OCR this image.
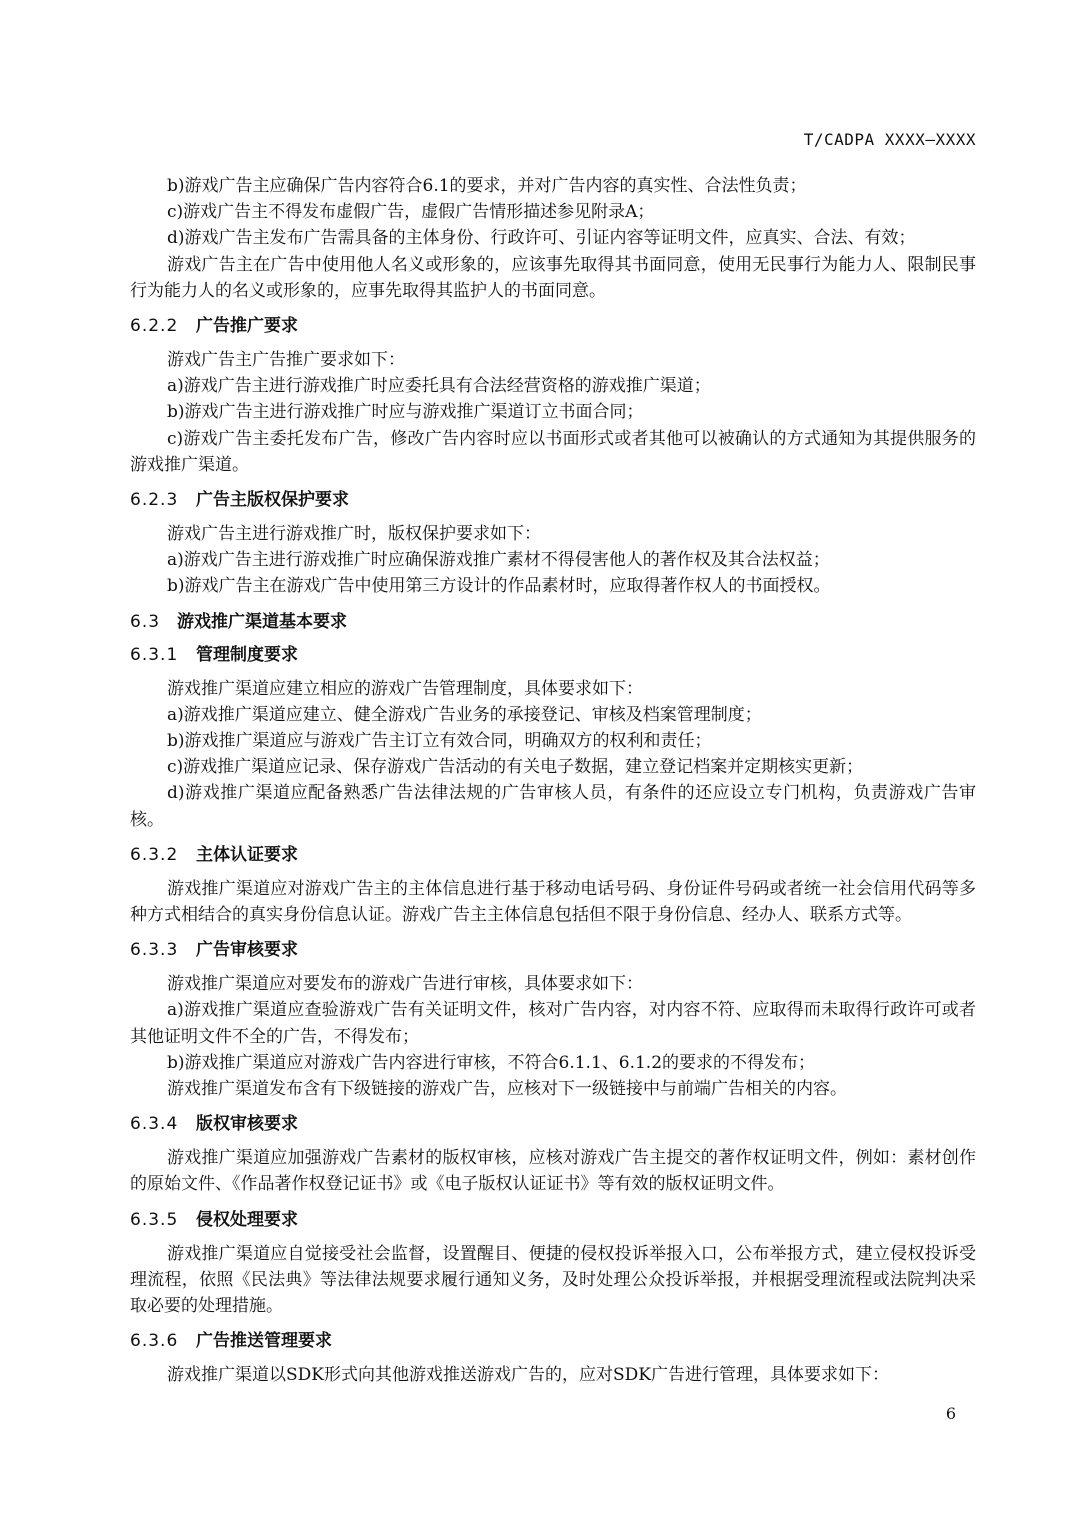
T/CADPA XXXX—XXXX

b)游戏广告主应确保广告内容符合6.1的要求，并对广告内容的真实性、合法性负责；

c)游戏广告主不得发布虚假广告，虚假广告情形描述参见附录A；

d)游戏广告主发布广告需具备的主体身份、行政许可、引证内容等证明文件，应真实、合法、有效；

游戏广告主在广告中使用他人名义或形象的，应该事先取得其书面同意，使用无民事行为能力人、限制民事行为能力人的名义或形象的，应事先取得其监护人的书面同意。

6.2.2 广告推广要求

游戏广告主广告推广要求如下：

a)游戏广告主进行游戏推广时应委托具有合法经营资格的游戏推广渠道；

b)游戏广告主进行游戏推广时应与游戏推广渠道订立书面合同；

c)游戏广告主委托发布广告，修改广告内容时应以书面形式或者其他可以被确认的方式通知为其提供服务的游戏推广渠道。

6.2.3 广告主版权保护要求

游戏广告主进行游戏推广时，版权保护要求如下：

a)游戏广告主进行游戏推广时应确保游戏推广素材不得侵害他人的著作权及其合法权益；

b)游戏广告主在游戏广告中使用第三方设计的作品素材时，应取得著作权人的书面授权。

6.3 游戏推广渠道基本要求
6.3.1 管理制度要求

游戏推广渠道应建立相应的游戏广告管理制度，具体要求如下：

a)游戏推广渠道应建立、健全游戏广告业务的承接登记、审核及档案管理制度；

b)游戏推广渠道应与游戏广告主订立有效合同，明确双方的权利和责任；

c)游戏推广渠道应记录、保存游戏广告活动的有关电子数据，建立登记档案并定期核实更新；

d)游戏推广渠道应配备熟悉广告法律法规的广告审核人员，有条件的还应设立专门机构，负责游戏广告审核。

6.3.2 主体认证要求

游戏推广渠道应对游戏广告主的主体信息进行基于移动电话号码、身份证件号码或者统一社会信用代码等多种方式相结合的真实身份信息认证。游戏广告主主体信息包括但不限于身份信息、经办人、联系方式等。

6.3.3 广告审核要求

游戏推广渠道应对要发布的游戏广告进行审核，具体要求如下：

a)游戏推广渠道应查验游戏广告有关证明文件，核对广告内容，对内容不符、应取得而未取得行政许可或者其他证明文件不全的广告，不得发布；

b)游戏推广渠道应对游戏广告内容进行审核，不符合6.1.1、6.1.2的要求的不得发布；

游戏推广渠道发布含有下级链接的游戏广告，应核对下一级链接中与前端广告相关的内容。

6.3.4 版权审核要求

游戏推广渠道应加强游戏广告素材的版权审核，应核对游戏广告主提交的著作权证明文件，例如：素材创作的原始文件、《作品著作权登记证书》或《电子版权认证证书》等有效的版权证明文件。

6.3.5 侵权处理要求

游戏推广渠道应自觉接受社会监督，设置醒目、便捷的侵权投诉举报入口，公布举报方式，建立侵权投诉受理流程，依照《民法典》等法律法规要求履行通知义务，及时处理公众投诉举报，并根据受理流程或法院判决采取必要的处理措施。

6.3.6 广告推送管理要求

游戏推广渠道以SDK形式向其他游戏推送游戏广告的，应对SDK广告进行管理，具体要求如下：

6
